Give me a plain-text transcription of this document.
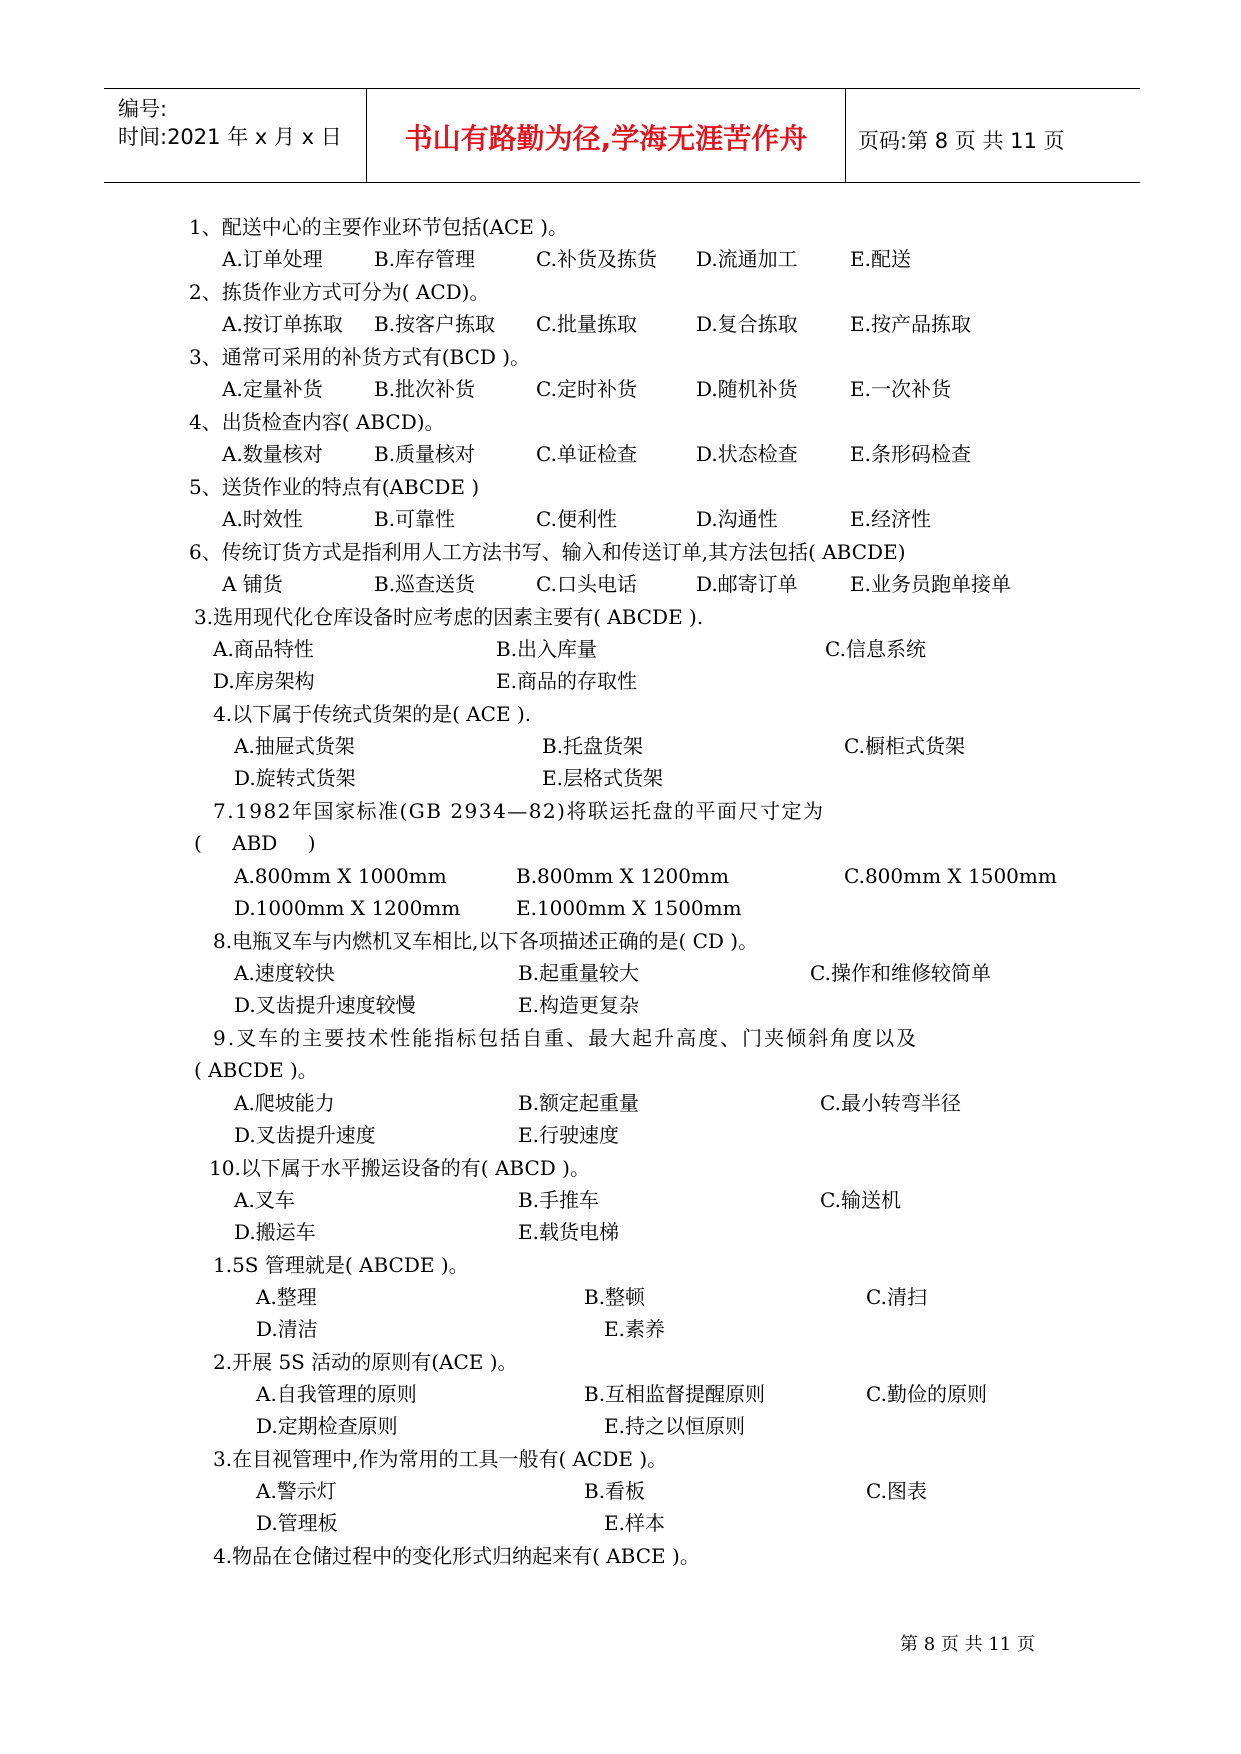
编号:
时间:2021 年 x 月 x 日	书山有路勤为径,学海无涯苦作舟	页码:第 8 页 共 11 页
1、配送中心的主要作业环节包括(ACE )。
A.订单处理	B.库存管理	C.补货及拣货 D.流通加工	E.配送
2、拣货作业方式可分为( ACD)。
A.按订单拣取 B.按客户拣取 C.批量拣取	D.复合拣取	E.按产品拣取
3、通常可采用的补货方式有(BCD )。
A.定量补货	B.批次补货	C.定时补货	D.随机补货	E.一次补货
4、出货检查内容( ABCD)。
A.数量核对	B.质量核对	C.单证检查	D.状态检查	E.条形码检查
5、送货作业的特点有(ABCDE )
A.时效性	B.可靠性	C.便利性	D.沟通性	E.经济性
6、传统订货方式是指利用人工方法书写、输入和传送订单,其方法包括( ABCDE)
A 铺货	B.巡查送货	C.口头电话	D.邮寄订单	E.业务员跑单接单
3.选用现代化仓库设备时应考虑的因素主要有( ABCDE ).
A.商品特性	B.出入库量	C.信息系统
D.库房架构	E.商品的存取性
4.以下属于传统式货架的是( ACE ).
A.抽屉式货架	B.托盘货架	C.橱柜式货架
D.旋转式货架	E.层格式货架
7.1982年国家标准(GB 2934—82)将联运托盘的平面尺寸定为
( ABD )
A.800mm X 1000mm	B.800mm X 1200mm	C.800mm X 1500mm
D.1000mm X 1200mm	E.1000mm X 1500mm
8.电瓶叉车与内燃机叉车相比,以下各项描述正确的是( CD )。
A.速度较快	B.起重量较大	C.操作和维修较简单
D.叉齿提升速度较慢	E.构造更复杂
9.叉车的主要技术性能指标包括自重、最大起升高度、门夹倾斜角度以及
( ABCDE )。
A.爬坡能力	B.额定起重量	C.最小转弯半径
D.叉齿提升速度	E.行驶速度
10.以下属于水平搬运设备的有( ABCD )。
A.叉车	B.手推车	C.输送机
D.搬运车	E.载货电梯
1.5S 管理就是( ABCDE )。
A.整理	B.整顿	C.清扫
D.清洁	E.素养
2.开展 5S 活动的原则有(ACE )。
A.自我管理的原则	B.互相监督提醒原则	C.勤俭的原则
D.定期检查原则	E.持之以恒原则
3.在目视管理中,作为常用的工具一般有( ACDE )。
A.警示灯	B.看板	C.图表
D.管理板	E.样本
4.物品在仓储过程中的变化形式归纳起来有( ABCE )。
第 8 页 共 11 页
